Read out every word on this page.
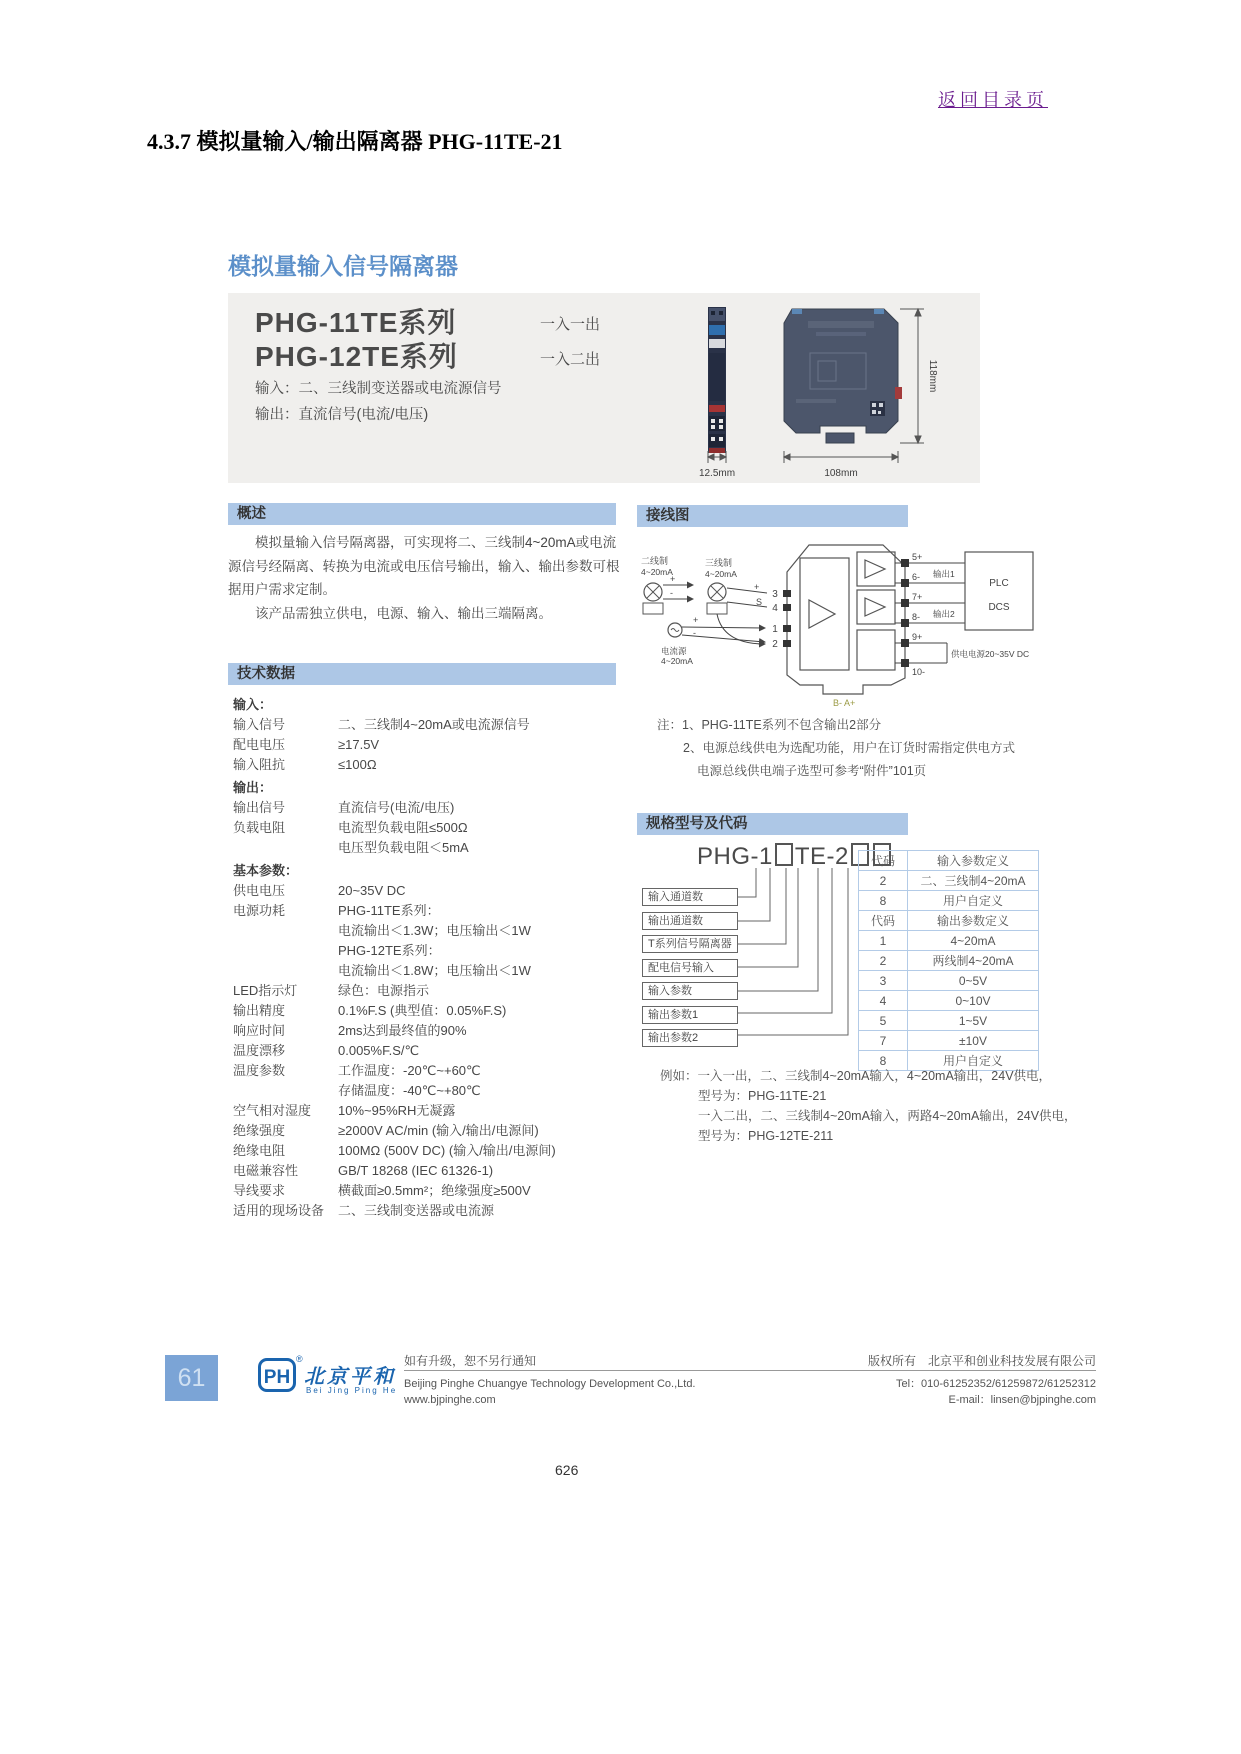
返回目录页
4.3.7 模拟量输入/输出隔离器 PHG-11TE-21
模拟量输入信号隔离器
PHG-11TE系列	一入一出
PHG-12TE系列	一入二出
输入：二、三线制变送器或电流源信号
输出：直流信号(电流/电压)
118mm
12.5mm	108mm
概述

模拟量输入信号隔离器，可实现将二、三线制4~20mA或电流源信号经隔离、转换为电流或电压信号输出，输入、输出参数可根据用户需求定制。

该产品需独立供电，电源、输入、输出三端隔离。

技术数据
输入：
输入信号	二、三线制4~20mA或电流源信号
配电电压	≥17.5V
输入阻抗	≤100Ω
输出：
输出信号	直流信号(电流/电压)
负载电阻	电流型负载电阻≤500Ω
电压型负载电阻＜5mA
基本参数：
供电电压	20~35V DC
电源功耗	PHG-11TE系列：
电流输出＜1.3W；电压输出＜1W
PHG-12TE系列：
电流输出＜1.8W；电压输出＜1W
LED指示灯	绿色：电源指示
输出精度	0.1%F.S (典型值：0.05%F.S)
响应时间	2ms达到最终值的90%
温度漂移	0.005%F.S/℃
温度参数	工作温度：-20℃~+60℃
存储温度：-40℃~+80℃
空气相对湿度	10%~95%RH无凝露
绝缘强度	≥2000V AC/min (输入/输出/电源间)
绝缘电阻	100MΩ (500V DC) (输入/输出/电源间)
电磁兼容性	GB/T 18268 (IEC 61326-1)
导线要求	横截面≥0.5mm²；绝缘强度≥500V
适用的现场设备	二、三线制变送器或电流源
接线图
3
4
1
2
二线制
4~20mA
+
-
三线制
4~20mA
+
S
+
-
电流源
4~20mA
5+
6-
7+
8-
9+
10-
输出1
输出2
供电电源20~35V DC
PLC
DCS
B- A+
注：1、PHG-11TE系列不包含输出2部分
2、电源总线供电为选配功能，用户在订货时需指定供电方式
电源总线供电端子选型可参考“附件”101页
规格型号及代码
PHG-1 TE-2
输入通道数
输出通道数
T系列信号隔离器
配电信号输入
输入参数
输出参数1
输出参数2
代码	输入参数定义
2	二、三线制4~20mA
8	用户自定义
代码	输出参数定义
1	4~20mA
2	两线制4~20mA
3	0~5V
4	0~10V
5	1~5V
7	±10V
8	用户自定义
例如：一入一出，二、三线制4~20mA输入，4~20mA输出，24V供电，
型号为：PHG-11TE-21
一入二出，二、三线制4~20mA输入，两路4~20mA输出，24V供电，
型号为：PHG-12TE-211
61	PH
®
北京平和
Bei Jing Ping He
如有升级，恕不另行通知	版权所有　北京平和创业科技发展有限公司
Beijing Pinghe Chuangye Technology Development Co.,Ltd.
www.bjpinghe.com
Tel：010-61252352/61259872/61252312
E-mail：linsen@bjpinghe.com
626
